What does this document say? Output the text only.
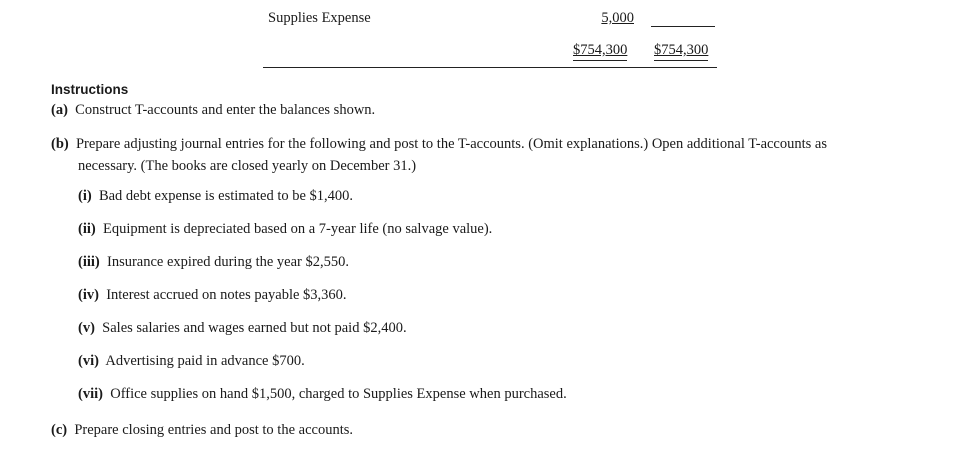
Supplies Expense	5,000
$754,300 $754,300
Instructions
(a) Construct T-accounts and enter the balances shown.
(b) Prepare adjusting journal entries for the following and post to the T-accounts. (Omit explanations.) Open additional T-accounts as
necessary. (The books are closed yearly on December 31.)
(i) Bad debt expense is estimated to be $1,400.
(ii) Equipment is depreciated based on a 7-year life (no salvage value).
(iii) Insurance expired during the year $2,550.
(iv) Interest accrued on notes payable $3,360.
(v) Sales salaries and wages earned but not paid $2,400.
(vi) Advertising paid in advance $700.
(vii) Office supplies on hand $1,500, charged to Supplies Expense when purchased.
(c) Prepare closing entries and post to the accounts.
